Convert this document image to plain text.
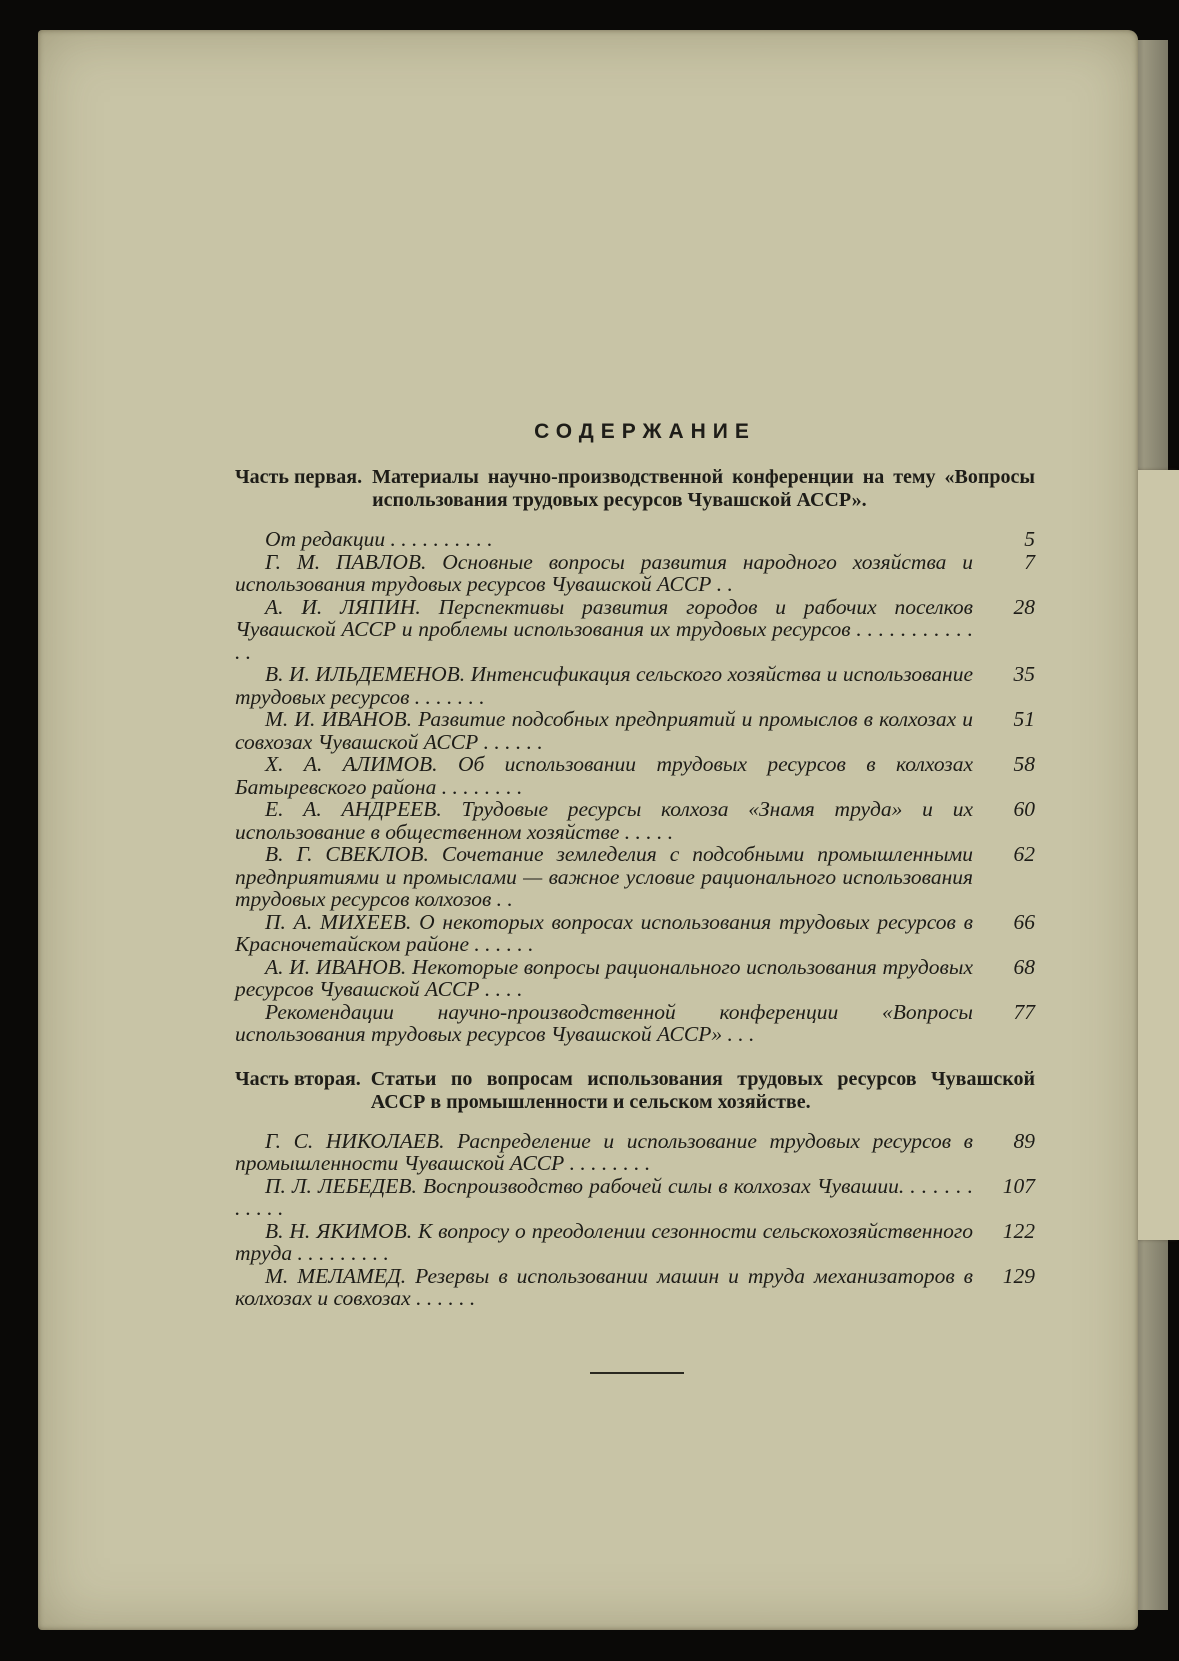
СОДЕРЖАНИЕ
Часть первая. Материалы научно-производственной конференции на тему «Вопросы использования трудовых ресурсов Чувашской АССР».
От редакции . . . . . . . . . .	5
Г. М. ПАВЛОВ. Основные вопросы развития народного хозяйства и использования трудовых ресурсов Чувашской АССР . .
7
А. И. ЛЯПИН. Перспективы развития городов и рабочих поселков Чувашской АССР и проблемы использования их трудовых ресурсов . . . . . . . . . . . . .
28
В. И. ИЛЬДЕМЕНОВ. Интенсификация сельского хозяйства и использование трудовых ресурсов . . . . . . .
35
М. И. ИВАНОВ. Развитие подсобных предприятий и промыслов в колхозах и совхозах Чувашской АССР . . . . . .
51
Х. А. АЛИМОВ. Об использовании трудовых ресурсов в колхозах Батыревского района . . . . . . . .
58
Е. А. АНДРЕЕВ. Трудовые ресурсы колхоза «Знамя труда» и их использование в общественном хозяйстве . . . . .
60
В. Г. СВЕКЛОВ. Сочетание земледелия с подсобными промышленными предприятиями и промыслами — важное условие рационального использования трудовых ресурсов колхозов . .
62
П. А. МИХЕЕВ. О некоторых вопросах использования трудовых ресурсов в Красночетайском районе . . . . . .
66
А. И. ИВАНОВ. Некоторые вопросы рационального использования трудовых ресурсов Чувашской АССР . . . .
68
Рекомендации научно-производственной конференции «Вопросы использования трудовых ресурсов Чувашской АССР» . . .
77
Часть вторая. Статьи по вопросам использования трудовых ресурсов Чувашской АССР в промышленности и сельском хозяйстве.
Г. С. НИКОЛАЕВ. Распределение и использование трудовых ресурсов в промышленности Чувашской АССР . . . . . . . .
89
П. Л. ЛЕБЕДЕВ. Воспроизводство рабочей силы в колхозах Чувашии. . . . . . . . . . . .
107
В. Н. ЯКИМОВ. К вопросу о преодолении сезонности сельскохозяйственного труда . . . . . . . . .
122
М. МЕЛАМЕД. Резервы в использовании машин и труда механизаторов в колхозах и совхозах . . . . . .
129
